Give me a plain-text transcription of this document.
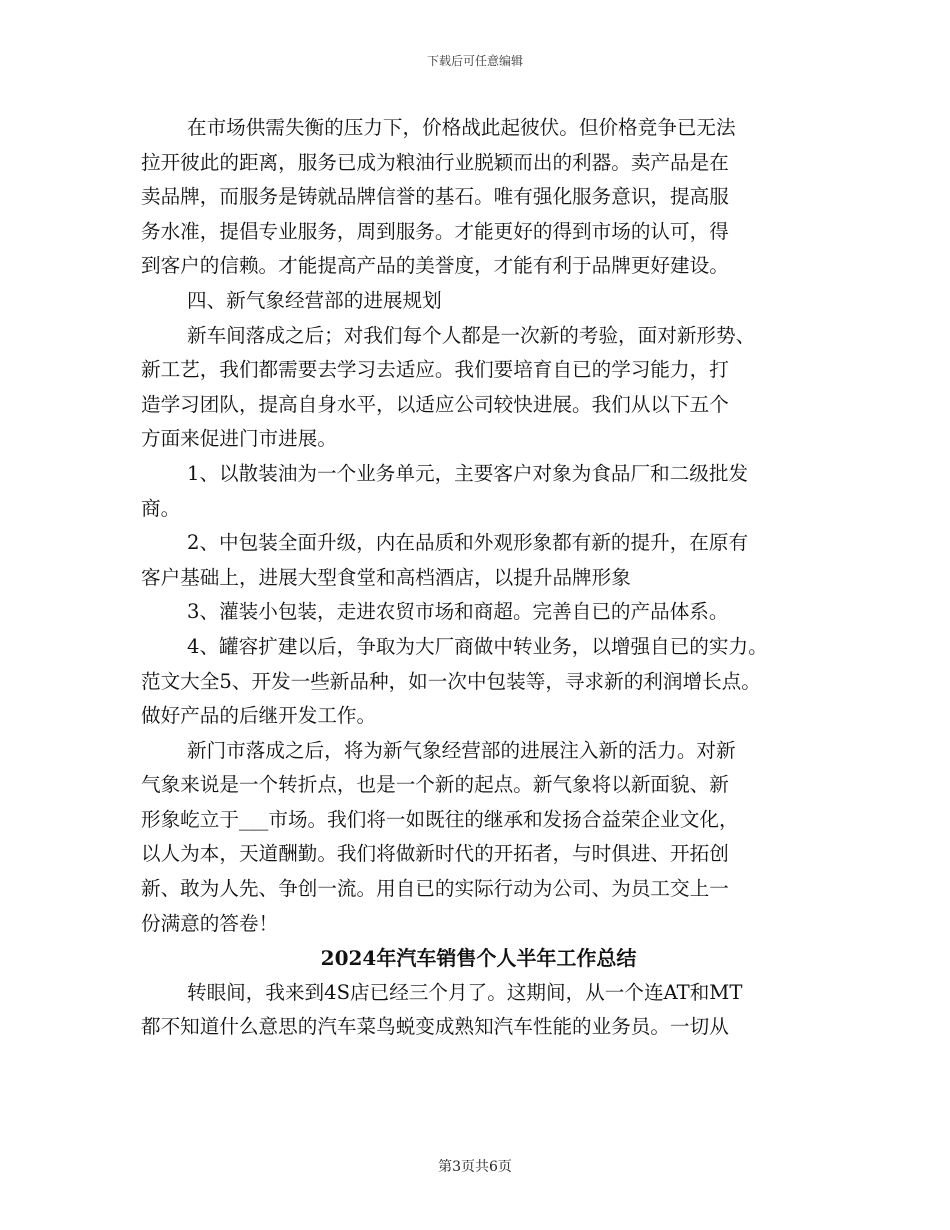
下载后可任意编辑
在市场供需失衡的压力下，价格战此起彼伏。但价格竞争已无法
拉开彼此的距离，服务已成为粮油行业脱颖而出的利器。卖产品是在
卖品牌，而服务是铸就品牌信誉的基石。唯有强化服务意识，提高服
务水准，提倡专业服务，周到服务。才能更好的得到市场的认可，得
到客户的信赖。才能提高产品的美誉度，才能有利于品牌更好建设。
四、新气象经营部的进展规划
新车间落成之后；对我们每个人都是一次新的考验，面对新形势、
新工艺，我们都需要去学习去适应。我们要培育自已的学习能力，打
造学习团队，提高自身水平，以适应公司较快进展。我们从以下五个
方面来促进门市进展。
1、以散装油为一个业务单元，主要客户对象为食品厂和二级批发
商。
2、中包装全面升级，内在品质和外观形象都有新的提升，在原有
客户基础上，进展大型食堂和高档酒店，以提升品牌形象
3、灌装小包装，走进农贸市场和商超。完善自已的产品体系。
4、罐容扩建以后，争取为大厂商做中转业务，以增强自已的实力。
范文大全5、开发一些新品种，如一次中包装等，寻求新的利润增长点。
做好产品的后继开发工作。
新门市落成之后，将为新气象经营部的进展注入新的活力。对新
气象来说是一个转折点，也是一个新的起点。新气象将以新面貌、新
形象屹立于___市场。我们将一如既往的继承和发扬合益荣企业文化，
以人为本，天道酬勤。我们将做新时代的开拓者，与时俱进、开拓创
新、敢为人先、争创一流。用自已的实际行动为公司、为员工交上一
份满意的答卷！
2024年汽车销售个人半年工作总结
转眼间，我来到4S店已经三个月了。这期间，从一个连AT和MT
都不知道什么意思的汽车菜鸟蜕变成熟知汽车性能的业务员。一切从
第3页共6页
